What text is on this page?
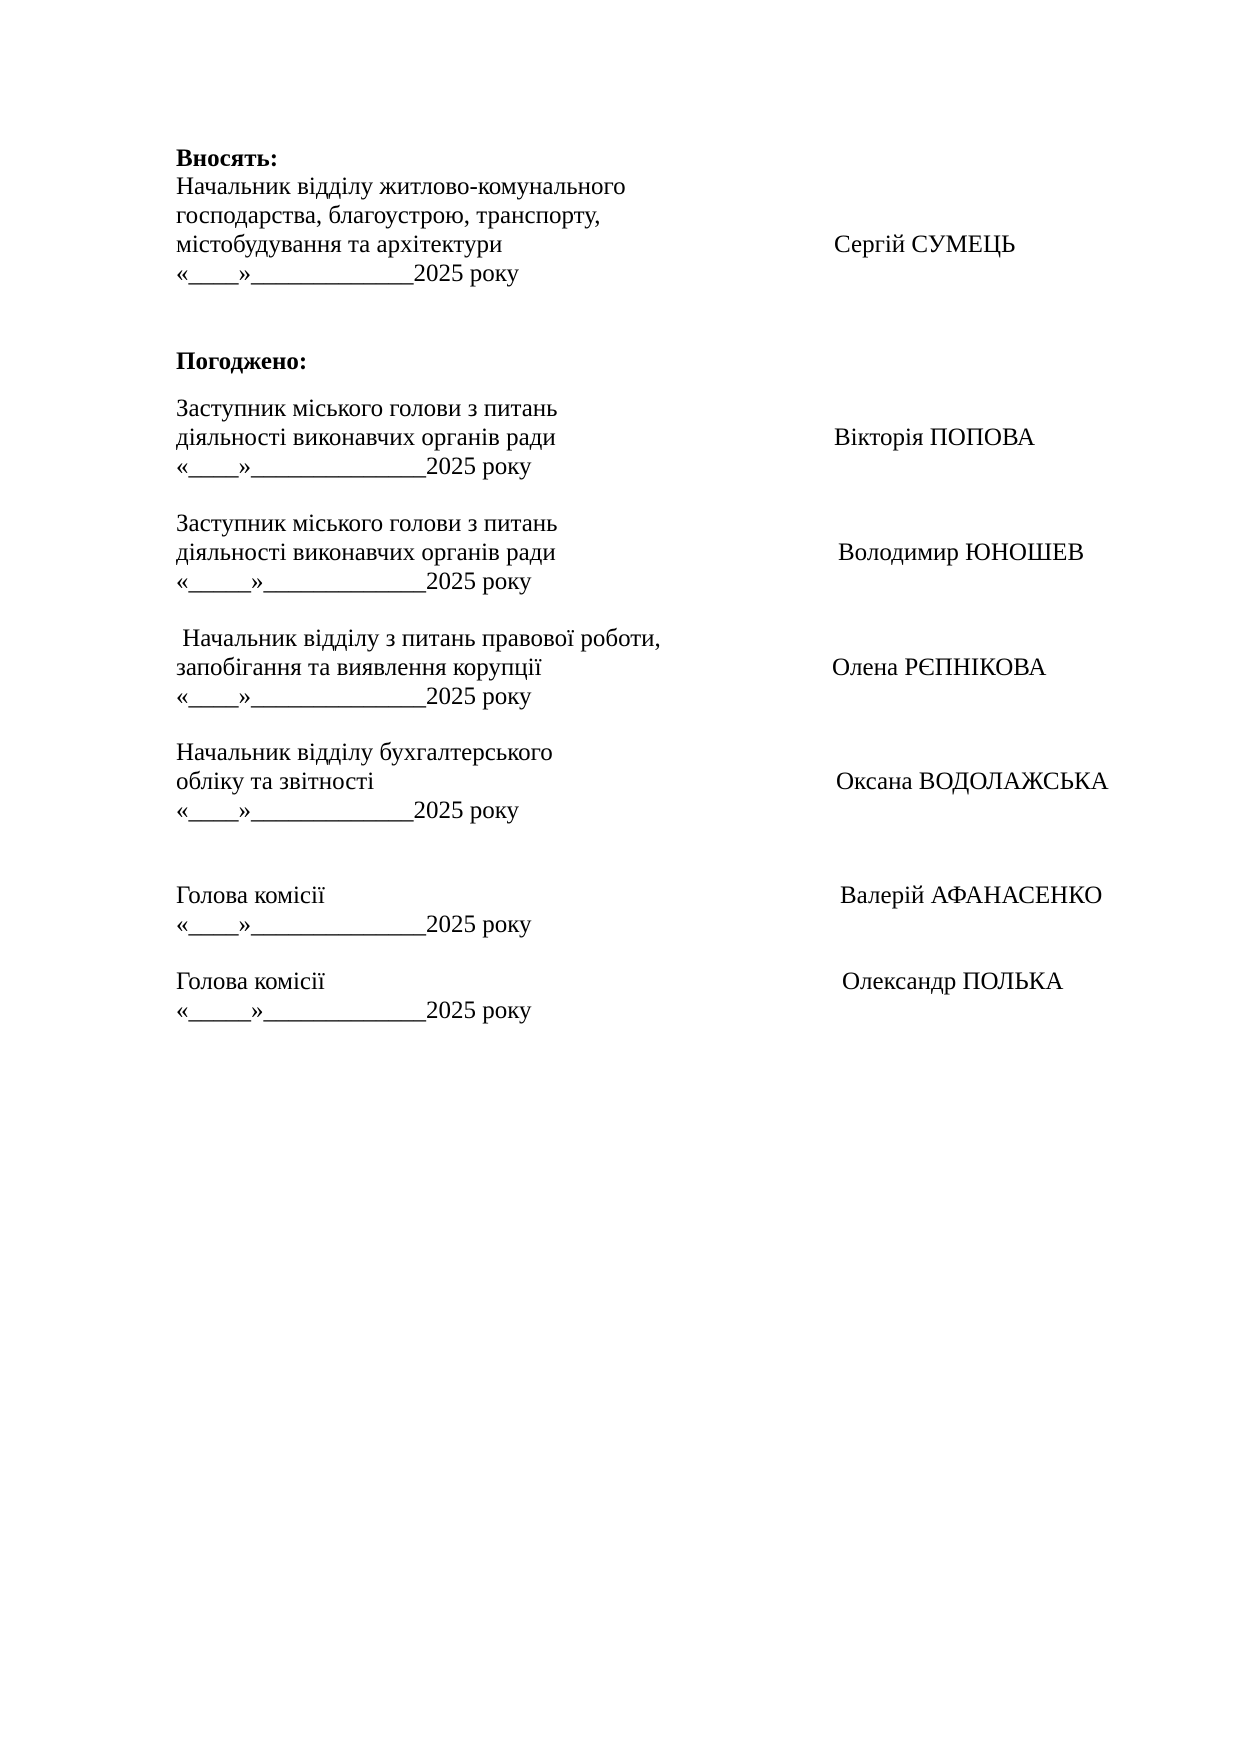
Вносять:
Начальник відділу житлово-комунального
господарства, благоустрою, транспорту,
містобудування та архітектури	Сергій СУМЕЦЬ
«____»_____________2025 року
Погоджено:
Заступник міського голови з питань
діяльності виконавчих органів ради	Вікторія ПОПОВА
«____»______________2025 року
Заступник міського голови з питань
діяльності виконавчих органів ради	Володимир ЮНОШЕВ
«_____»_____________2025 року
Начальник відділу з питань правової роботи,
запобігання та виявлення корупції	Олена РЄПНІКОВА
«____»______________2025 року
Начальник відділу бухгалтерського
обліку та звітності	Оксана ВОДОЛАЖСЬКА
«____»_____________2025 року
Голова комісії	Валерій АФАНАСЕНКО
«____»______________2025 року
Голова комісії	Олександр ПОЛЬКА
«_____»_____________2025 року
